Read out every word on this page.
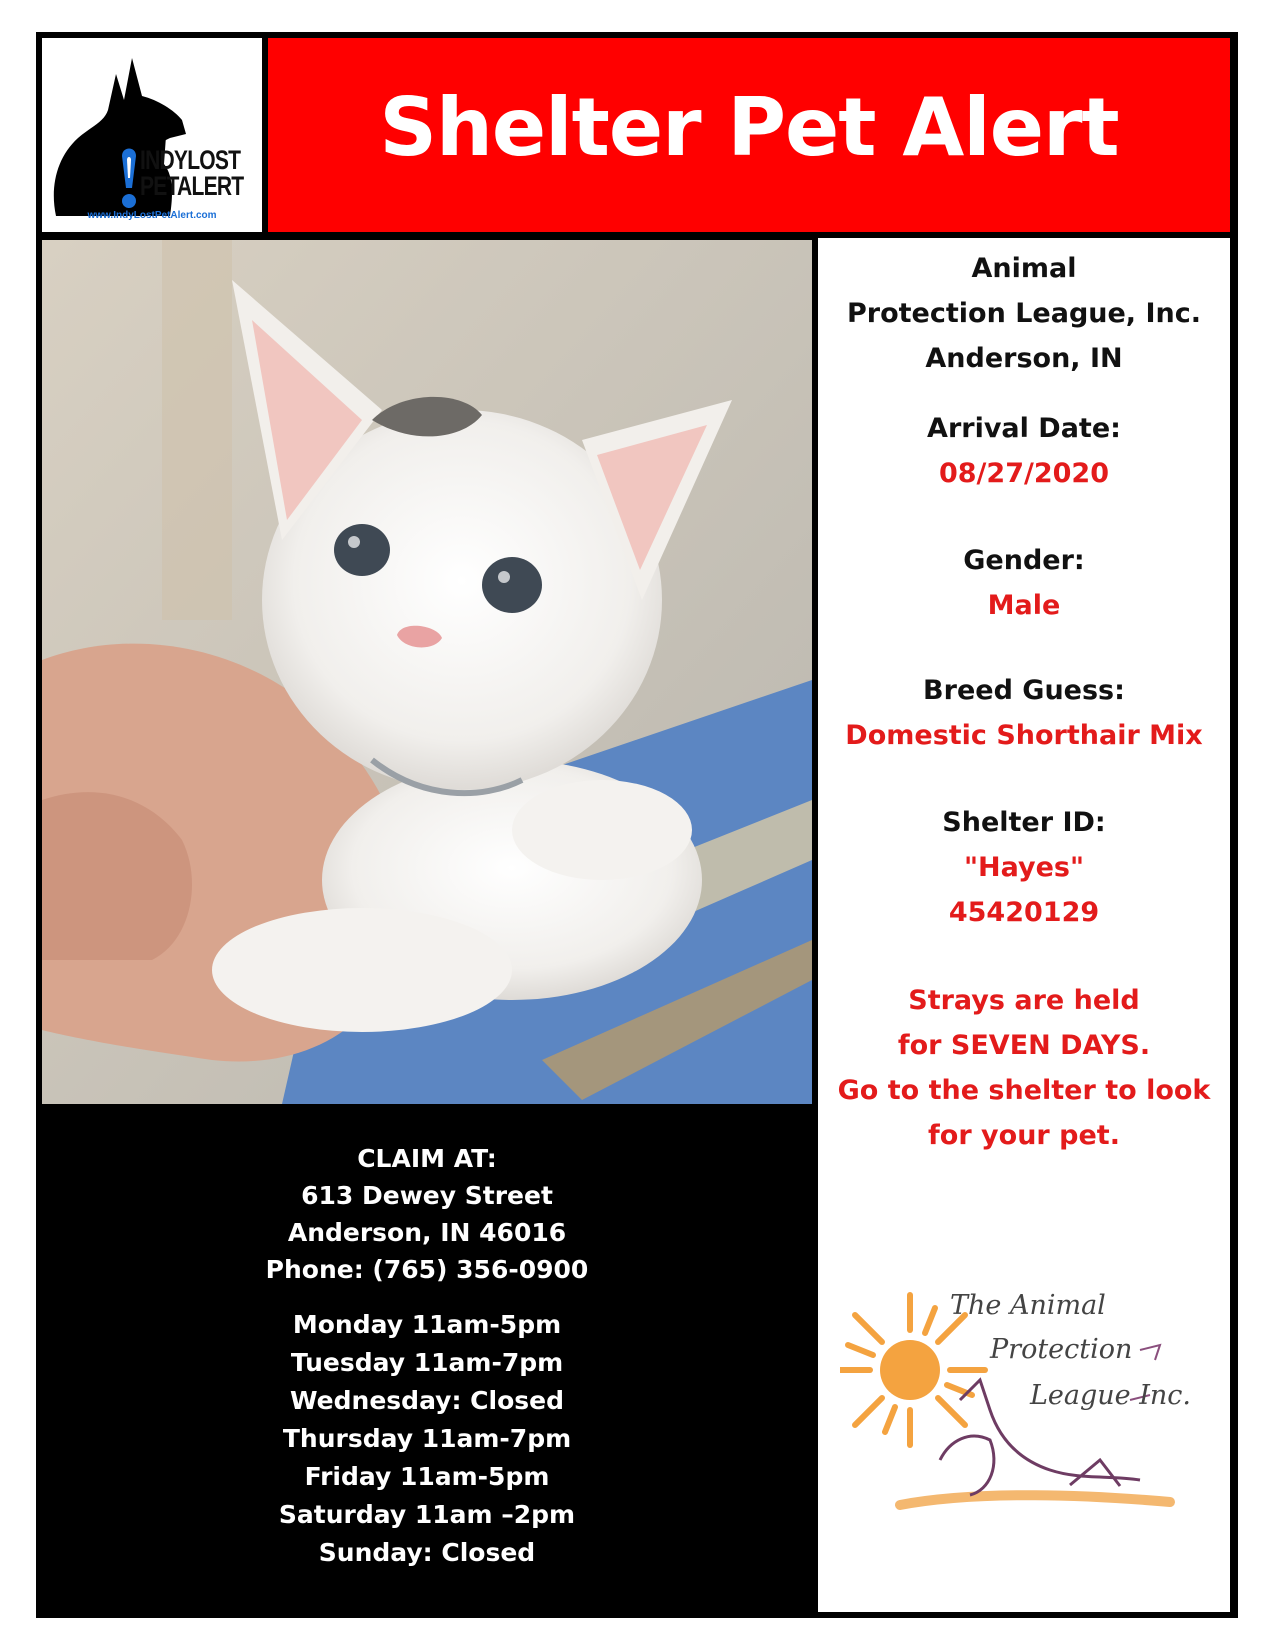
INDYLOST
PETALERT
www.IndyLostPetAlert.com
Shelter Pet Alert
Animal
Protection League, Inc.
Anderson, IN
Arrival Date:
08/27/2020
Gender:
Male
Breed Guess:
Domestic Shorthair Mix
Shelter ID:
"Hayes"
45420129
Strays are held
for SEVEN DAYS.
Go to the shelter to look
for your pet.
The Animal
Protection
League Inc.
CLAIM AT:
613 Dewey Street
Anderson, IN 46016
Phone: (765) 356-0900
Monday 11am-5pm
Tuesday 11am-7pm
Wednesday: Closed
Thursday 11am-7pm
Friday 11am-5pm
Saturday 11am –2pm
Sunday: Closed
